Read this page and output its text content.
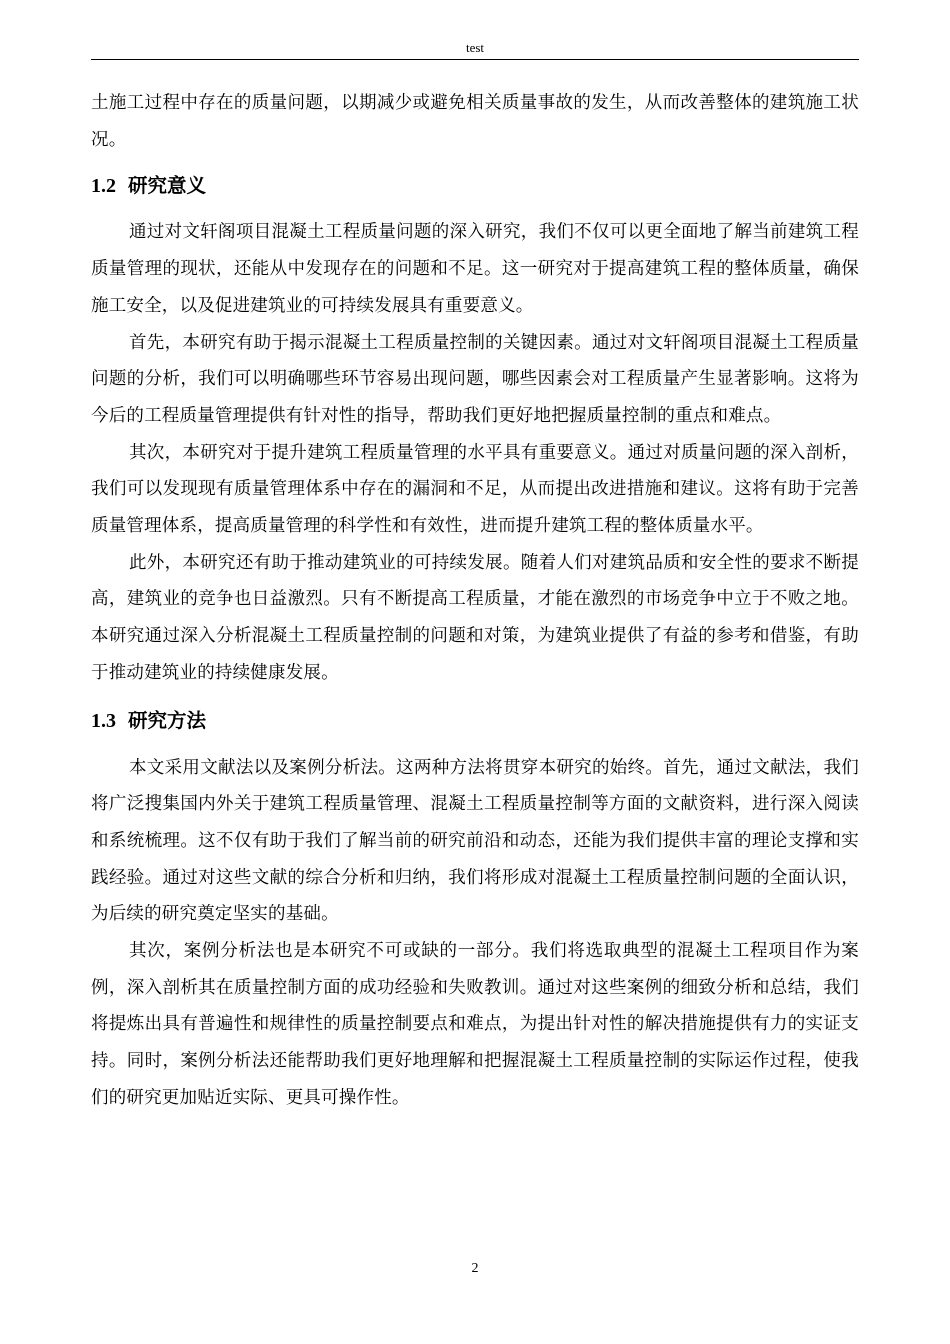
test

土施工过程中存在的质量问题，以期减少或避免相关质量事故的发生，从而改善整体的建筑施工状况。

1.2 研究意义

通过对文轩阁项目混凝土工程质量问题的深入研究，我们不仅可以更全面地了解当前建筑工程质量管理的现状，还能从中发现存在的问题和不足。这一研究对于提高建筑工程的整体质量，确保施工安全，以及促进建筑业的可持续发展具有重要意义。

首先，本研究有助于揭示混凝土工程质量控制的关键因素。通过对文轩阁项目混凝土工程质量问题的分析，我们可以明确哪些环节容易出现问题，哪些因素会对工程质量产生显著影响。这将为今后的工程质量管理提供有针对性的指导，帮助我们更好地把握质量控制的重点和难点。

其次，本研究对于提升建筑工程质量管理的水平具有重要意义。通过对质量问题的深入剖析，我们可以发现现有质量管理体系中存在的漏洞和不足，从而提出改进措施和建议。这将有助于完善质量管理体系，提高质量管理的科学性和有效性，进而提升建筑工程的整体质量水平。

此外，本研究还有助于推动建筑业的可持续发展。随着人们对建筑品质和安全性的要求不断提高，建筑业的竞争也日益激烈。只有不断提高工程质量，才能在激烈的市场竞争中立于不败之地。本研究通过深入分析混凝土工程质量控制的问题和对策，为建筑业提供了有益的参考和借鉴，有助于推动建筑业的持续健康发展。

1.3 研究方法

本文采用文献法以及案例分析法。这两种方法将贯穿本研究的始终。首先，通过文献法，我们将广泛搜集国内外关于建筑工程质量管理、混凝土工程质量控制等方面的文献资料，进行深入阅读和系统梳理。这不仅有助于我们了解当前的研究前沿和动态，还能为我们提供丰富的理论支撑和实践经验。通过对这些文献的综合分析和归纳，我们将形成对混凝土工程质量控制问题的全面认识，为后续的研究奠定坚实的基础。

其次，案例分析法也是本研究不可或缺的一部分。我们将选取典型的混凝土工程项目作为案例，深入剖析其在质量控制方面的成功经验和失败教训。通过对这些案例的细致分析和总结，我们将提炼出具有普遍性和规律性的质量控制要点和难点，为提出针对性的解决措施提供有力的实证支持。同时，案例分析法还能帮助我们更好地理解和把握混凝土工程质量控制的实际运作过程，使我们的研究更加贴近实际、更具可操作性。

2
